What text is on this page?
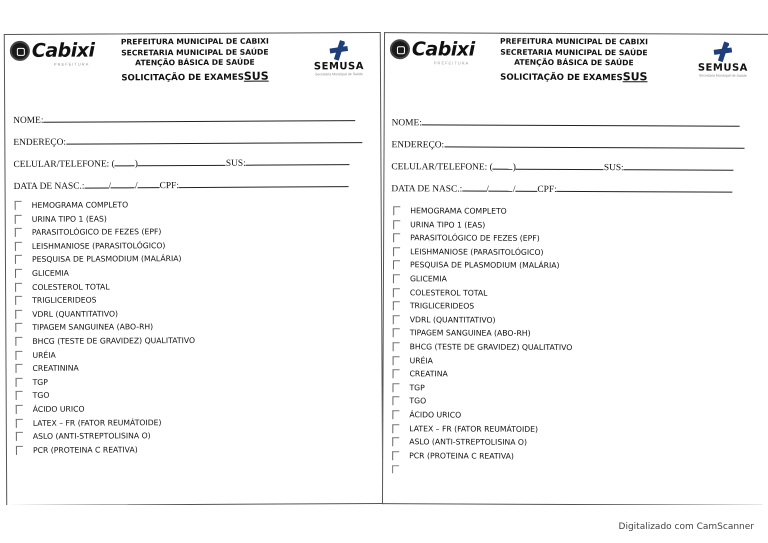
Cabixi
PREFEITURA
PREFEITURA MUNICIPAL DE CABIXI
SECRETARIA MUNICIPAL DE SAÚDE
ATENÇÃO BÁSICA DE SAÚDE
SOLICITAÇÃO DE EXAMESSUS
SEMUSA
Secretaria Municipal de Saúde
NOME:
ENDEREÇO:
CELULAR/TELEFONE: ( )	SUS:
DATA DE NASC.:	/	/ CPF:
HEMOGRAMA COMPLETO
URINA TIPO 1 (EAS)
PARASITOLÓGICO DE FEZES (EPF)
LEISHMANIOSE (PARASITOLÓGICO)
PESQUISA DE PLASMODIUM (MALÁRIA)
GLICEMIA
COLESTEROL TOTAL
TRIGLICERIDEOS
VDRL (QUANTITATIVO)
TIPAGEM SANGUINEA (ABO-RH)
BHCG (TESTE DE GRAVIDEZ) QUALITATIVO
URÉIA
CREATININA
TGP
TGO
ÁCIDO URICO
LATEX – FR (FATOR REUMÁTOIDE)
ASLO (ANTI-STREPTOLISINA O)
PCR (PROTEINA C REATIVA)
Cabixi
PREFEITURA
PREFEITURA MUNICIPAL DE CABIXI
SECRETARIA MUNICIPAL DE SAÚDE
ATENÇÃO BÁSICA DE SAÚDE
SOLICITAÇÃO DE EXAMESSUS
SEMUSA
Secretaria Municipal de Saúde
NOME:
ENDEREÇO:
CELULAR/TELEFONE: ( )	SUS:
DATA DE NASC.:	/	/ CPF:
HEMOGRAMA COMPLETO
URINA TIPO 1 (EAS)
PARASITOLÓGICO DE FEZES (EPF)
LEISHMANIOSE (PARASITOLÓGICO)
PESQUISA DE PLASMODIUM (MALÁRIA)
GLICEMIA
COLESTEROL TOTAL
TRIGLICERIDEOS
VDRL (QUANTITATIVO)
TIPAGEM SANGUINEA (ABO-RH)
BHCG (TESTE DE GRAVIDEZ) QUALITATIVO
URÉIA
CREATINA
TGP
TGO
ÁCIDO URICO
LATEX – FR (FATOR REUMÁTOIDE)
ASLO (ANTI-STREPTOLISINA O)
PCR (PROTEINA C REATIVA)
Digitalizado com CamScanner
